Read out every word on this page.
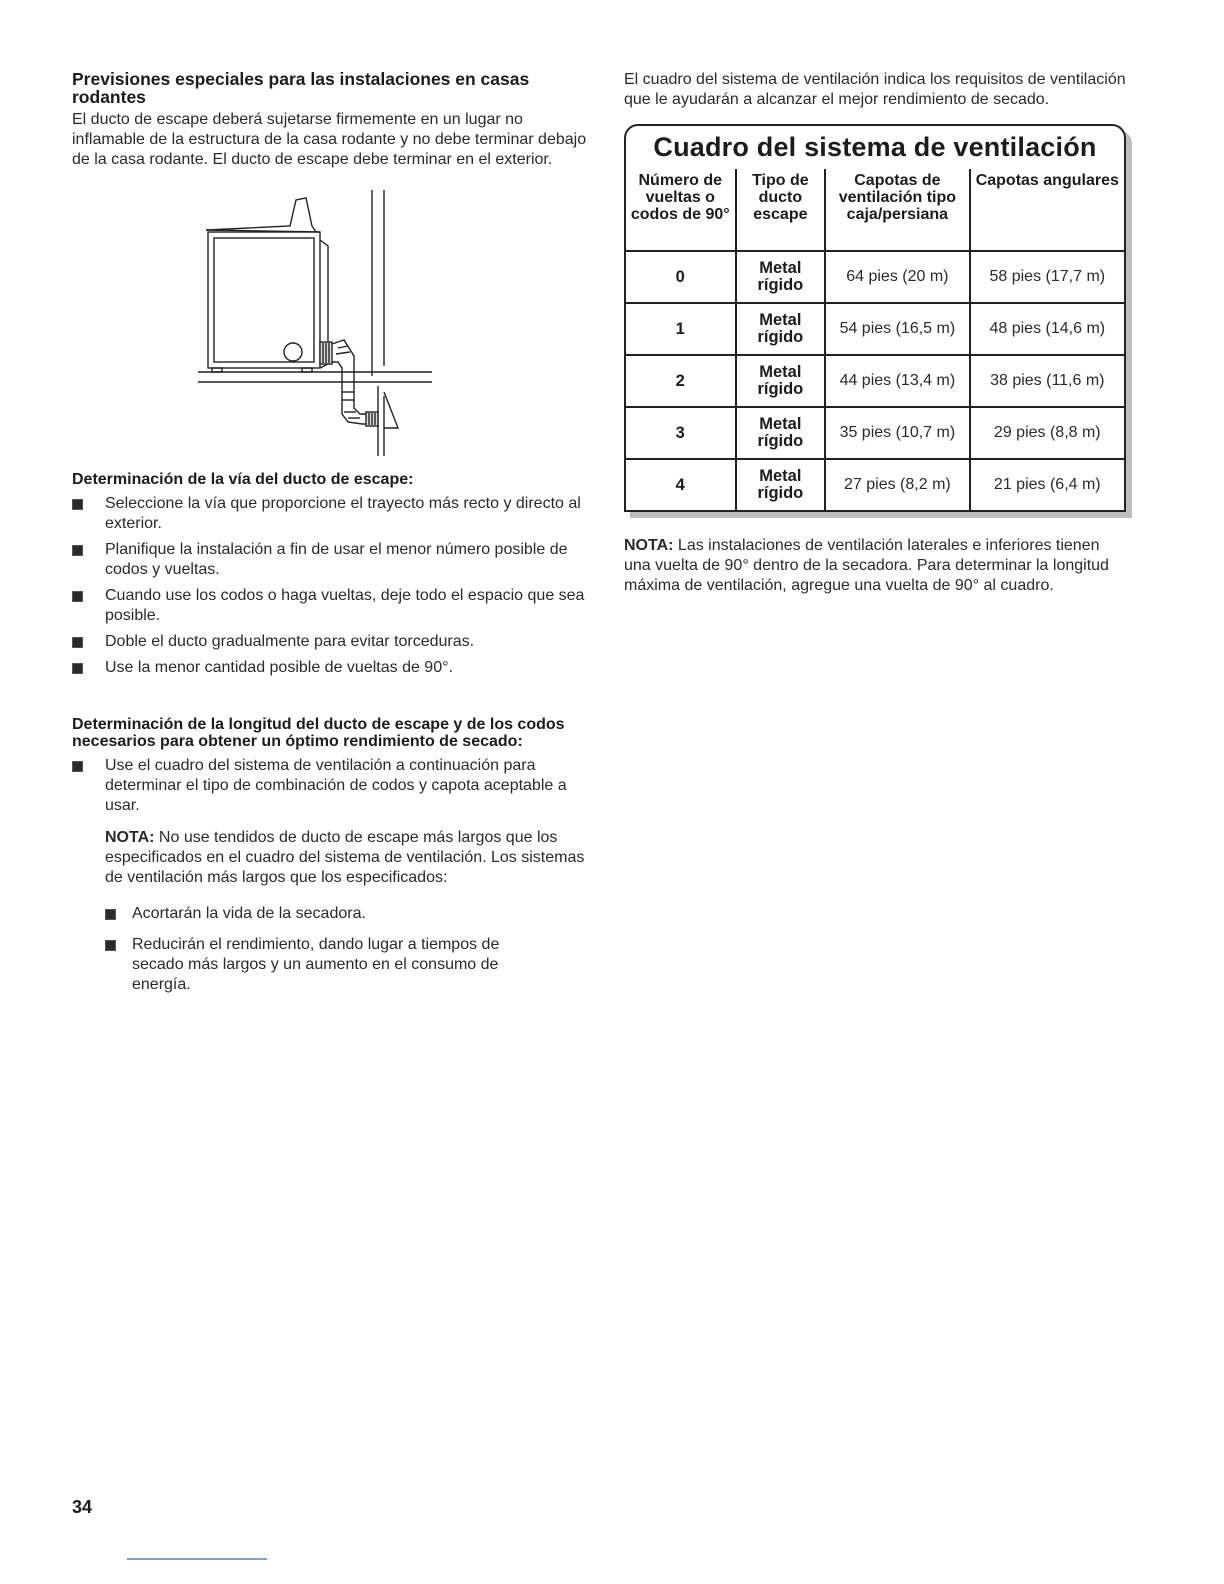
Previsiones especiales para las instalaciones en casas rodantes

El ducto de escape deberá sujetarse firmemente en un lugar no inflamable de la estructura de la casa rodante y no debe terminar debajo de la casa rodante. El ducto de escape debe terminar en el exterior.

Determinación de la vía del ducto de escape:
Seleccione la vía que proporcione el trayecto más recto y directo al exterior.
Planifique la instalación a fin de usar el menor número posible de codos y vueltas.
Cuando use los codos o haga vueltas, deje todo el espacio que sea posible.
Doble el ducto gradualmente para evitar torceduras.
Use la menor cantidad posible de vueltas de 90°.
Determinación de la longitud del ducto de escape y de los codos necesarios para obtener un óptimo rendimiento de secado:
Use el cuadro del sistema de ventilación a continuación para determinar el tipo de combinación de codos y capota aceptable a usar.

NOTA: No use tendidos de ducto de escape más largos que los especificados en el cuadro del sistema de ventilación. Los sistemas de ventilación más largos que los especificados:

Acortarán la vida de la secadora.
Reducirán el rendimiento, dando lugar a tiempos de secado más largos y un aumento en el consumo de energía.

El cuadro del sistema de ventilación indica los requisitos de ventilación que le ayudarán a alcanzar el mejor rendimiento de secado.

Cuadro del sistema de ventilación
Número de vueltas o codos de 90°	Tipo de ducto escape	Capotas de ventilación tipo caja/persiana	Capotas angulares
0	Metal rígido	64 pies (20 m)	58 pies (17,7 m)
1	Metal rígido	54 pies (16,5 m)	48 pies (14,6 m)
2	Metal rígido	44 pies (13,4 m)	38 pies (11,6 m)
3	Metal rígido	35 pies (10,7 m)	29 pies (8,8 m)
4	Metal rígido	27 pies (8,2 m)	21 pies (6,4 m)

NOTA: Las instalaciones de ventilación laterales e inferiores tienen una vuelta de 90° dentro de la secadora. Para determinar la longitud máxima de ventilación, agregue una vuelta de 90° al cuadro.

34
